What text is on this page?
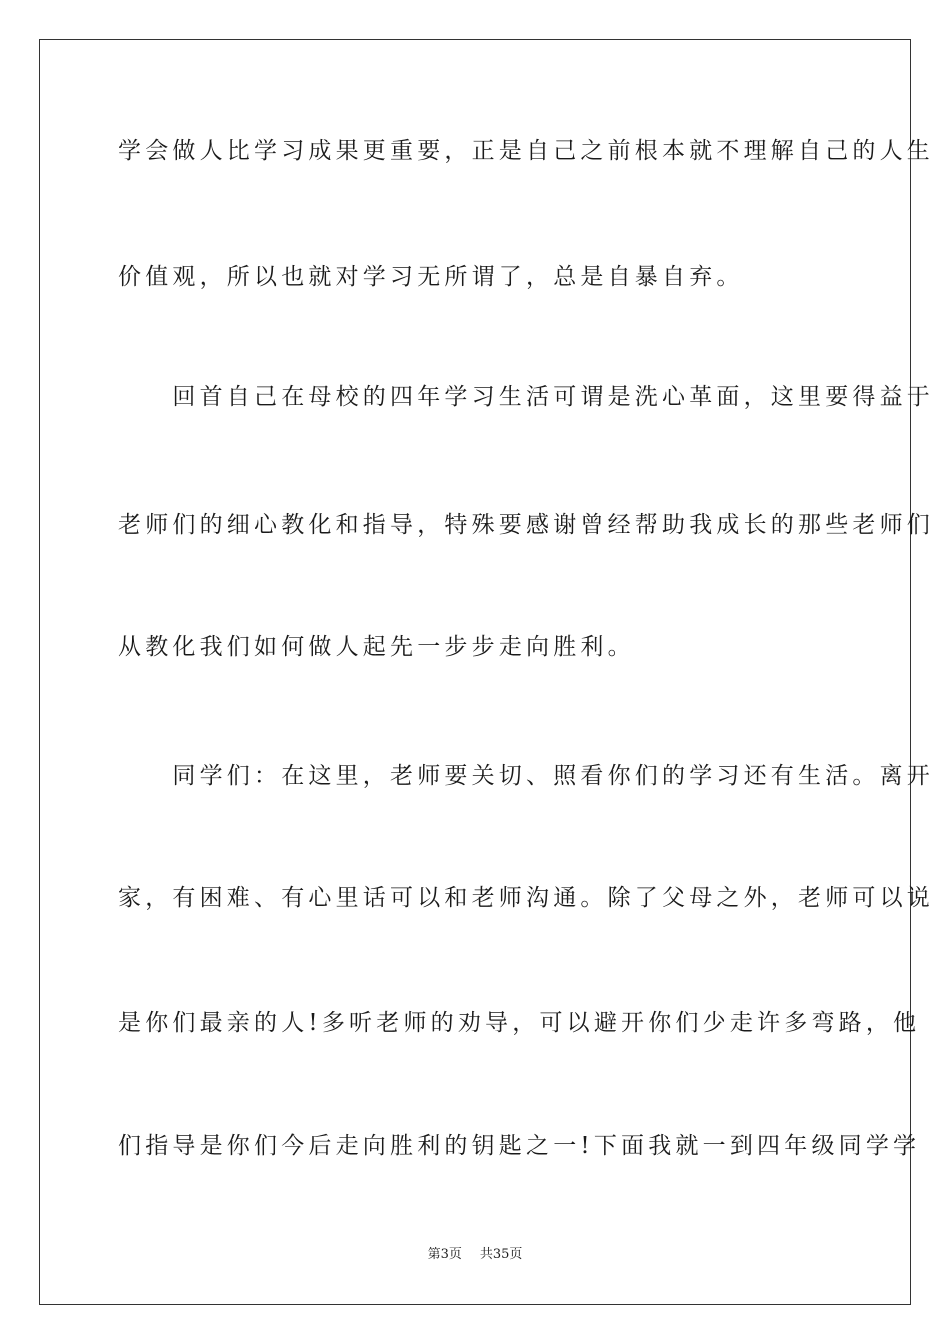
学会做人比学习成果更重要，正是自己之前根本就不理解自己的人生
价值观，所以也就对学习无所谓了，总是自暴自弃。
　　回首自己在母校的四年学习生活可谓是洗心革面，这里要得益于
老师们的细心教化和指导，特殊要感谢曾经帮助我成长的那些老师们
从教化我们如何做人起先一步步走向胜利。
　　同学们：在这里，老师要关切、照看你们的学习还有生活。离开
家，有困难、有心里话可以和老师沟通。除了父母之外，老师可以说
是你们最亲的人!多听老师的劝导，可以避开你们少走许多弯路，他
们指导是你们今后走向胜利的钥匙之一!下面我就一到四年级同学学
第3页 共35页
